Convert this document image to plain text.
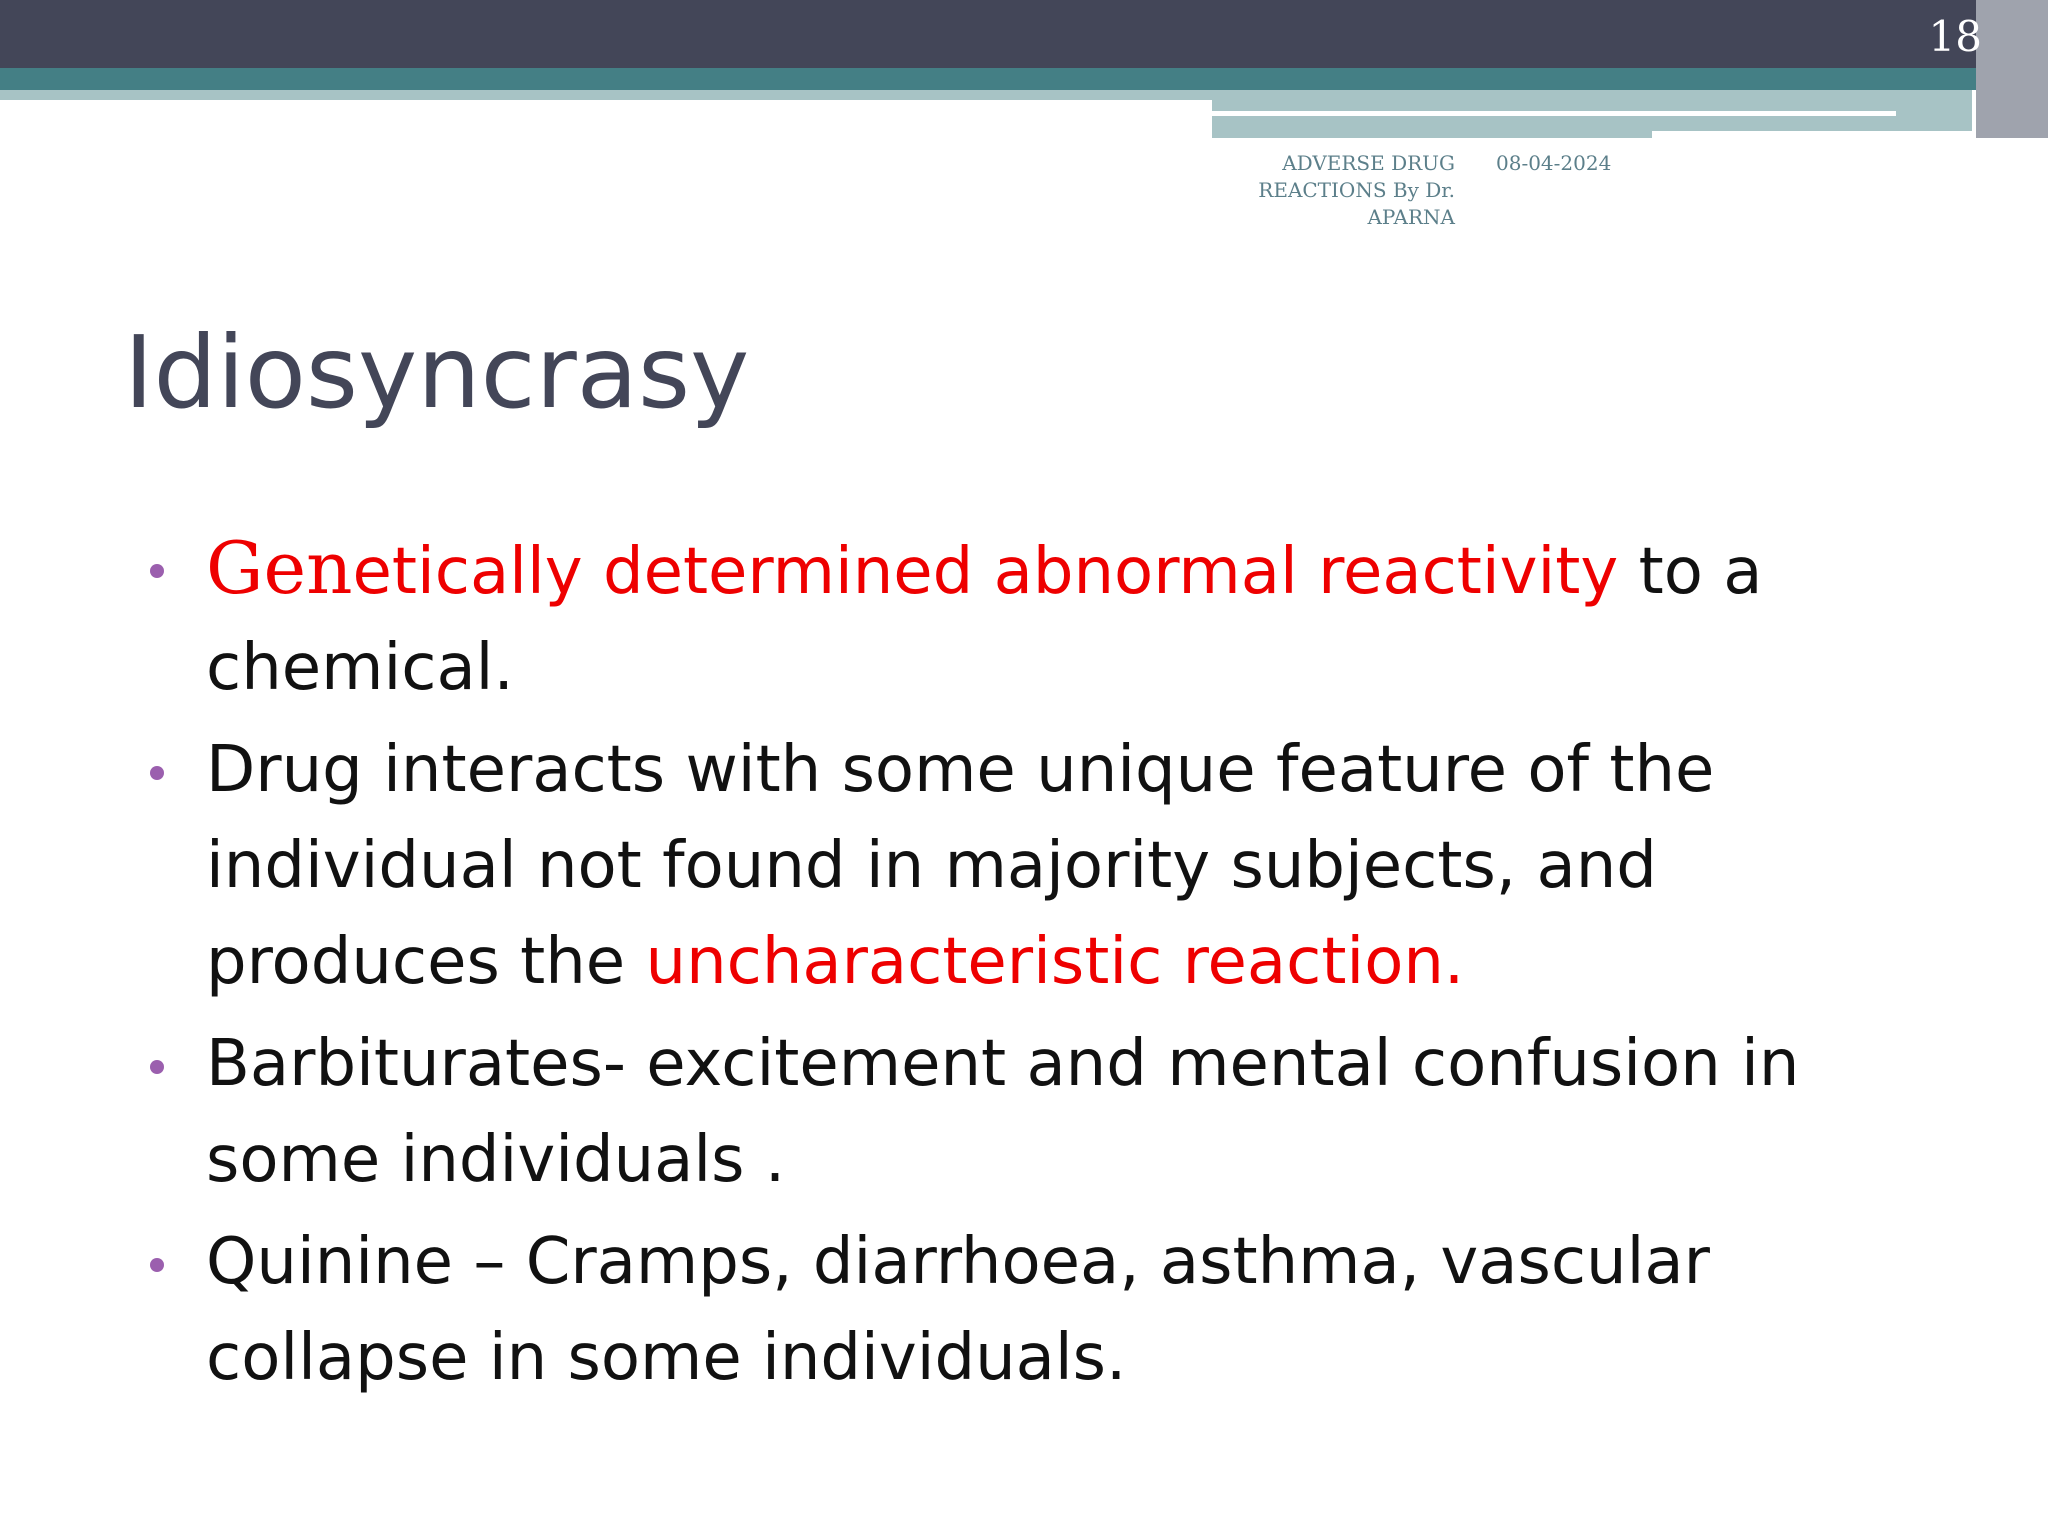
18
ADVERSE DRUG
REACTIONS By Dr.
APARNA
08-04-2024
Idiosyncrasy
Genetically determined abnormal reactivity to a chemical.
Drug interacts with some unique feature of the individual not found in majority subjects, and produces the uncharacteristic reaction.
Barbiturates- excitement and mental confusion in some individuals .
Quinine – Cramps, diarrhoea, asthma, vascular collapse in some individuals.
